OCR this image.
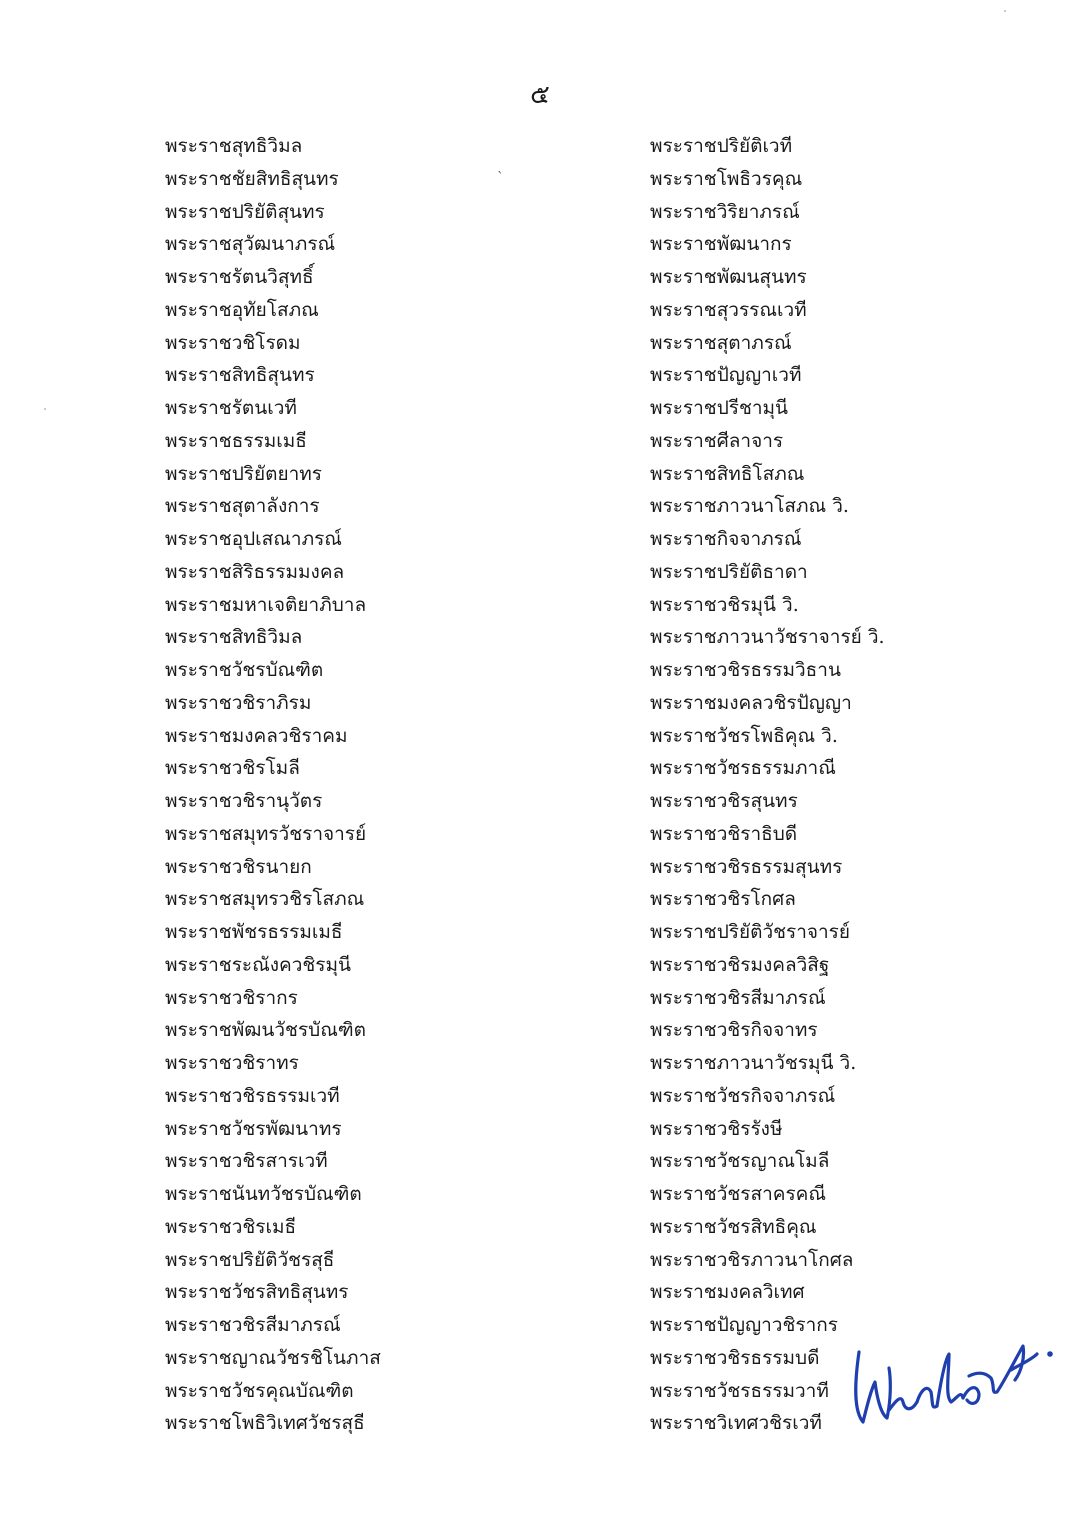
๕
`
พระราชสุทธิวิมล
พระราชชัยสิทธิสุนทร
พระราชปริยัติสุนทร
พระราชสุวัฒนาภรณ์
พระราชรัตนวิสุทธิ์
พระราชอุทัยโสภณ
พระราชวชิโรดม
พระราชสิทธิสุนทร
พระราชรัตนเวที
พระราชธรรมเมธี
พระราชปริยัตยาทร
พระราชสุตาลังการ
พระราชอุปเสณาภรณ์
พระราชสิริธรรมมงคล
พระราชมหาเจติยาภิบาล
พระราชสิทธิวิมล
พระราชวัชรบัณฑิต
พระราชวชิราภิรม
พระราชมงคลวชิราคม
พระราชวชิรโมลี
พระราชวชิรานุวัตร
พระราชสมุทรวัชราจารย์
พระราชวชิรนายก
พระราชสมุทรวชิรโสภณ
พระราชพัชรธรรมเมธี
พระราชระณังควชิรมุนี
พระราชวชิรากร
พระราชพัฒนวัชรบัณฑิต
พระราชวชิราทร
พระราชวชิรธรรมเวที
พระราชวัชรพัฒนาทร
พระราชวชิรสารเวที
พระราชนันทวัชรบัณฑิต
พระราชวชิรเมธี
พระราชปริยัติวัชรสุธี
พระราชวัชรสิทธิสุนทร
พระราชวชิรสีมาภรณ์
พระราชญาณวัชรชิโนภาส
พระราชวัชรคุณบัณฑิต
พระราชโพธิวิเทศวัชรสุธี
พระราชปริยัติเวที
พระราชโพธิวรคุณ
พระราชวิริยาภรณ์
พระราชพัฒนากร
พระราชพัฒนสุนทร
พระราชสุวรรณเวที
พระราชสุตาภรณ์
พระราชปัญญาเวที
พระราชปรีชามุนี
พระราชศีลาจาร
พระราชสิทธิโสภณ
พระราชภาวนาโสภณ วิ.
พระราชกิจจาภรณ์
พระราชปริยัติธาดา
พระราชวชิรมุนี วิ.
พระราชภาวนาวัชราจารย์ วิ.
พระราชวชิรธรรมวิธาน
พระราชมงคลวชิรปัญญา
พระราชวัชรโพธิคุณ วิ.
พระราชวัชรธรรมภาณี
พระราชวชิรสุนทร
พระราชวชิราธิบดี
พระราชวชิรธรรมสุนทร
พระราชวชิรโกศล
พระราชปริยัติวัชราจารย์
พระราชวชิรมงคลวิสิฐ
พระราชวชิรสีมาภรณ์
พระราชวชิรกิจจาทร
พระราชภาวนาวัชรมุนี วิ.
พระราชวัชรกิจจาภรณ์
พระราชวชิรรังษี
พระราชวัชรญาณโมลี
พระราชวัชรสาครคณี
พระราชวัชรสิทธิคุณ
พระราชวชิรภาวนาโกศล
พระราชมงคลวิเทศ
พระราชปัญญาวชิรากร
พระราชวชิรธรรมบดี
พระราชวัชรธรรมวาที
พระราชวิเทศวชิรเวที
